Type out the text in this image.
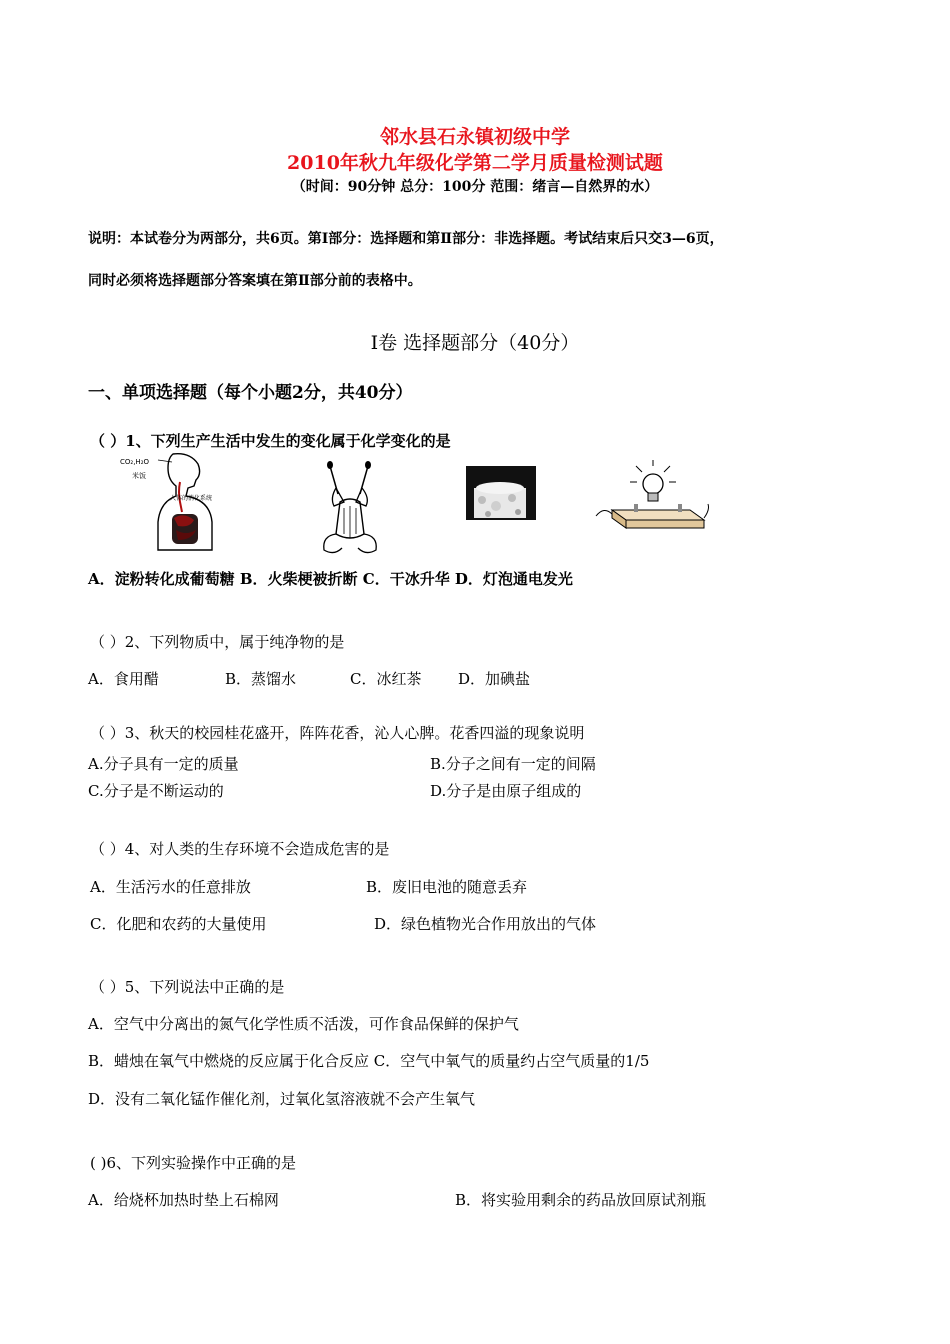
邻水县石永镇初级中学
2010年秋九年级化学第二学月质量检测试题
（时间：90分钟 总分：100分 范围：绪言—自然界的水）
说明：本试卷分为两部分，共6页。第Ⅰ部分：选择题和第Ⅱ部分：非选择题。考试结束后只交3—6页，
同时必须将选择题部分答案填在第Ⅱ部分前的表格中。
Ⅰ卷 选择题部分（40分）
一、单项选择题（每个小题2分，共40分）
（ ）1、下列生产生活中发生的变化属于化学变化的是
CO₂,H₂O
米饭
人体的消化系统
A．淀粉转化成葡萄糖 B．火柴梗被折断 C．干冰升华 D．灯泡通电发光
（ ）2、下列物质中，属于纯净物的是
A．食用醋	B．蒸馏水	C．冰红茶 D．加碘盐
（ ）3、秋天的校园桂花盛开，阵阵花香，沁人心脾。花香四溢的现象说明
A.分子具有一定的质量	B.分子之间有一定的间隔
C.分子是不断运动的	D.分子是由原子组成的
（ ）4、对人类的生存环境不会造成危害的是
A．生活污水的任意排放	B．废旧电池的随意丢弃
C．化肥和农药的大量使用	D．绿色植物光合作用放出的气体
（ ）5、下列说法中正确的是
A．空气中分离出的氮气化学性质不活泼，可作食品保鲜的保护气
B．蜡烛在氧气中燃烧的反应属于化合反应 C．空气中氧气的质量约占空气质量的1/5
D．没有二氧化锰作催化剂，过氧化氢溶液就不会产生氧气
( )6、下列实验操作中正确的是
A．给烧杯加热时垫上石棉网	B．将实验用剩余的药品放回原试剂瓶
